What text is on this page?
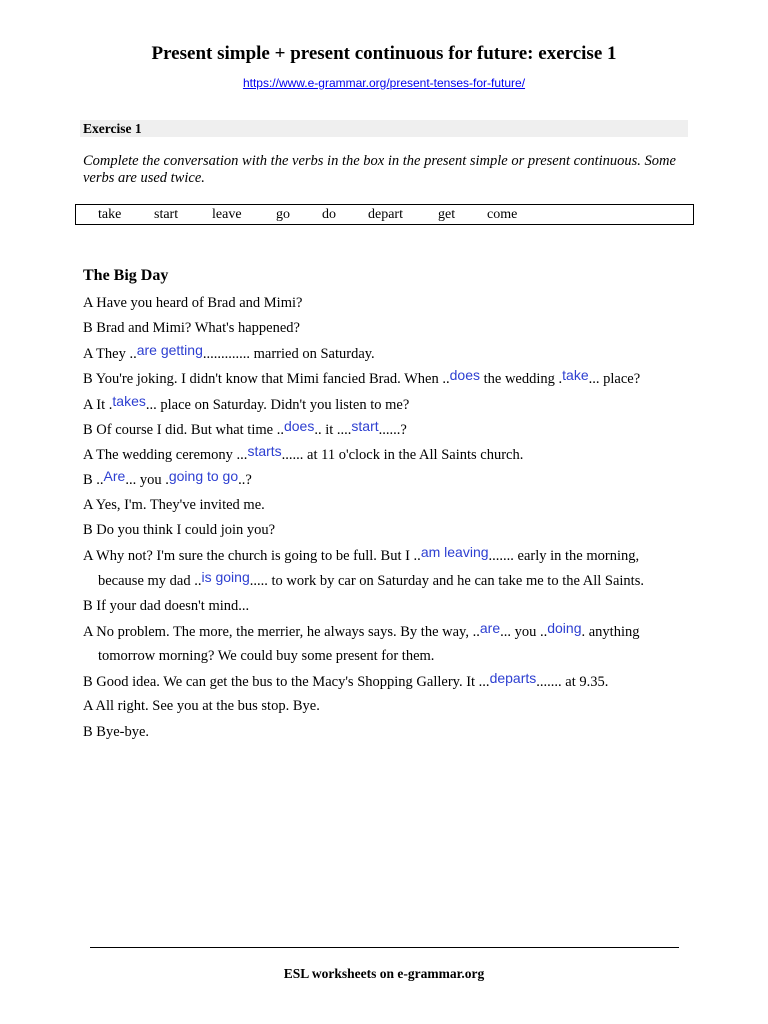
Present simple + present continuous for future: exercise 1
https://www.e-grammar.org/present-tenses-for-future/
Exercise 1
Complete the conversation with the verbs in the box in the present simple or present continuous. Some verbs are used twice.
take start leave go do depart	get come
The Big Day
A Have you heard of Brad and Mimi?
B Brad and Mimi? What's happened?
A They ..are getting............. married on Saturday.
B You're joking. I didn't know that Mimi fancied Brad. When ..does the wedding .take... place?
A It .takes... place on Saturday. Didn't you listen to me?
B Of course I did. But what time ..does.. it ....start......?
A The wedding ceremony ...starts...... at 11 o'clock in the All Saints church.
B ..Are... you .going to go..?
A Yes, I'm. They've invited me.
B Do you think I could join you?
A Why not? I'm sure the church is going to be full. But I ..am leaving....... early in the morning,
because my dad ..is going..... to work by car on Saturday and he can take me to the All Saints.
B If your dad doesn't mind...
A No problem. The more, the merrier, he always says. By the way, ..are... you ..doing. anything
tomorrow morning? We could buy some present for them.
B Good idea. We can get the bus to the Macy's Shopping Gallery. It ...departs....... at 9.35.
A All right. See you at the bus stop. Bye.
B Bye-bye.
ESL worksheets on e-grammar.org
